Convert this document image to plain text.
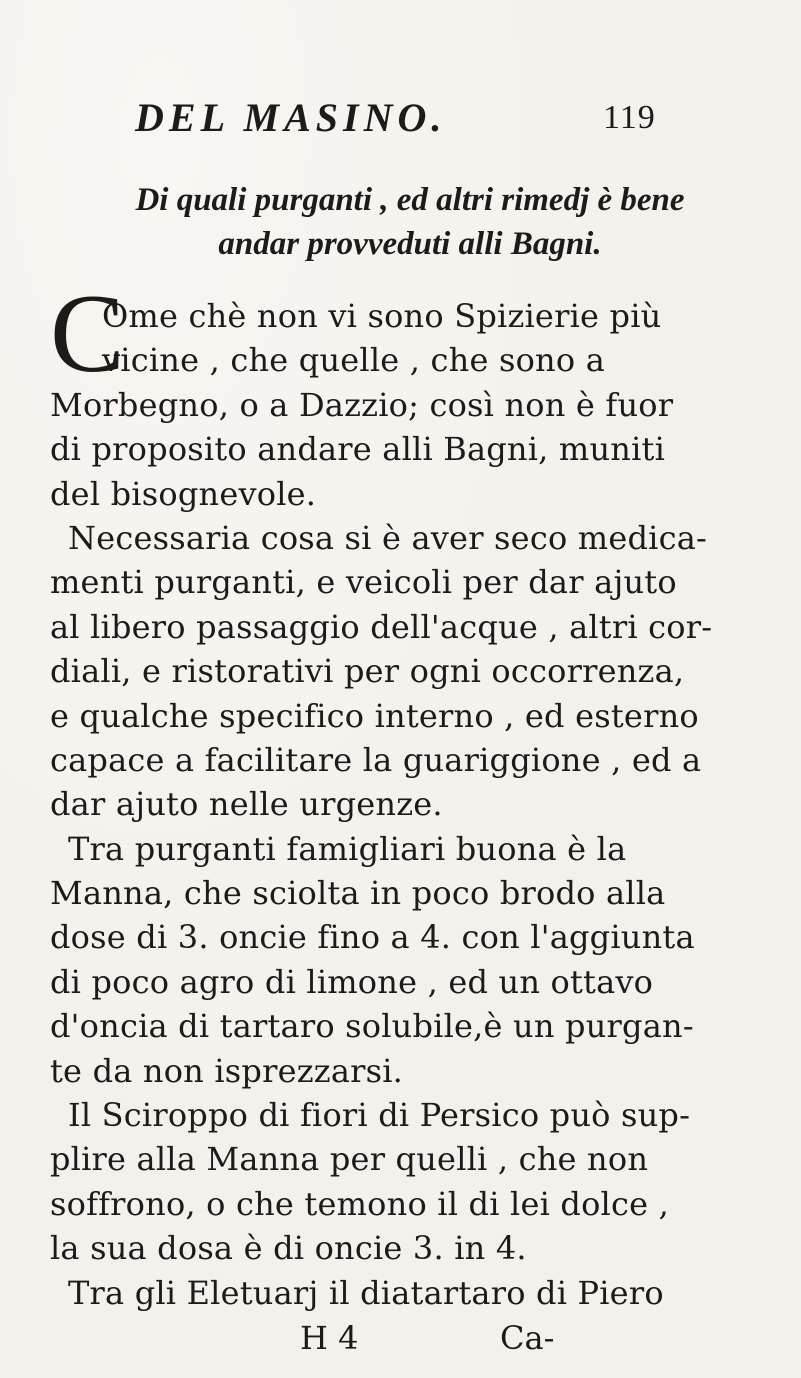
DEL MASINO.	119
Di quali purganti , ed altri rimedj è bene
andar provveduti alli Bagni.
C
Ome chè non vi sono Spizierie più
vicine , che quelle , che sono a
Morbegno, o a Dazzio; così non è fuor
di proposito andare alli Bagni, muniti
del bisognevole.
Necessaria cosa si è aver seco medica-
menti purganti, e veicoli per dar ajuto
al libero passaggio dell'acque , altri cor-
diali, e ristorativi per ogni occorrenza,
e qualche specifico interno , ed esterno
capace a facilitare la guariggione , ed a
dar ajuto nelle urgenze.
Tra purganti famigliari buona è la
Manna, che sciolta in poco brodo alla
dose di 3. oncie fino a 4. con l'aggiunta
di poco agro di limone , ed un ottavo
d'oncia di tartaro solubile,è un purgan-
te da non isprezzarsi.
Il Sciroppo di fiori di Persico può sup-
plire alla Manna per quelli , che non
soffrono, o che temono il di lei dolce ,
la sua dosa è di oncie 3. in 4.
Tra gli Eletuarj il diatartaro di Piero
H 4	Ca-
